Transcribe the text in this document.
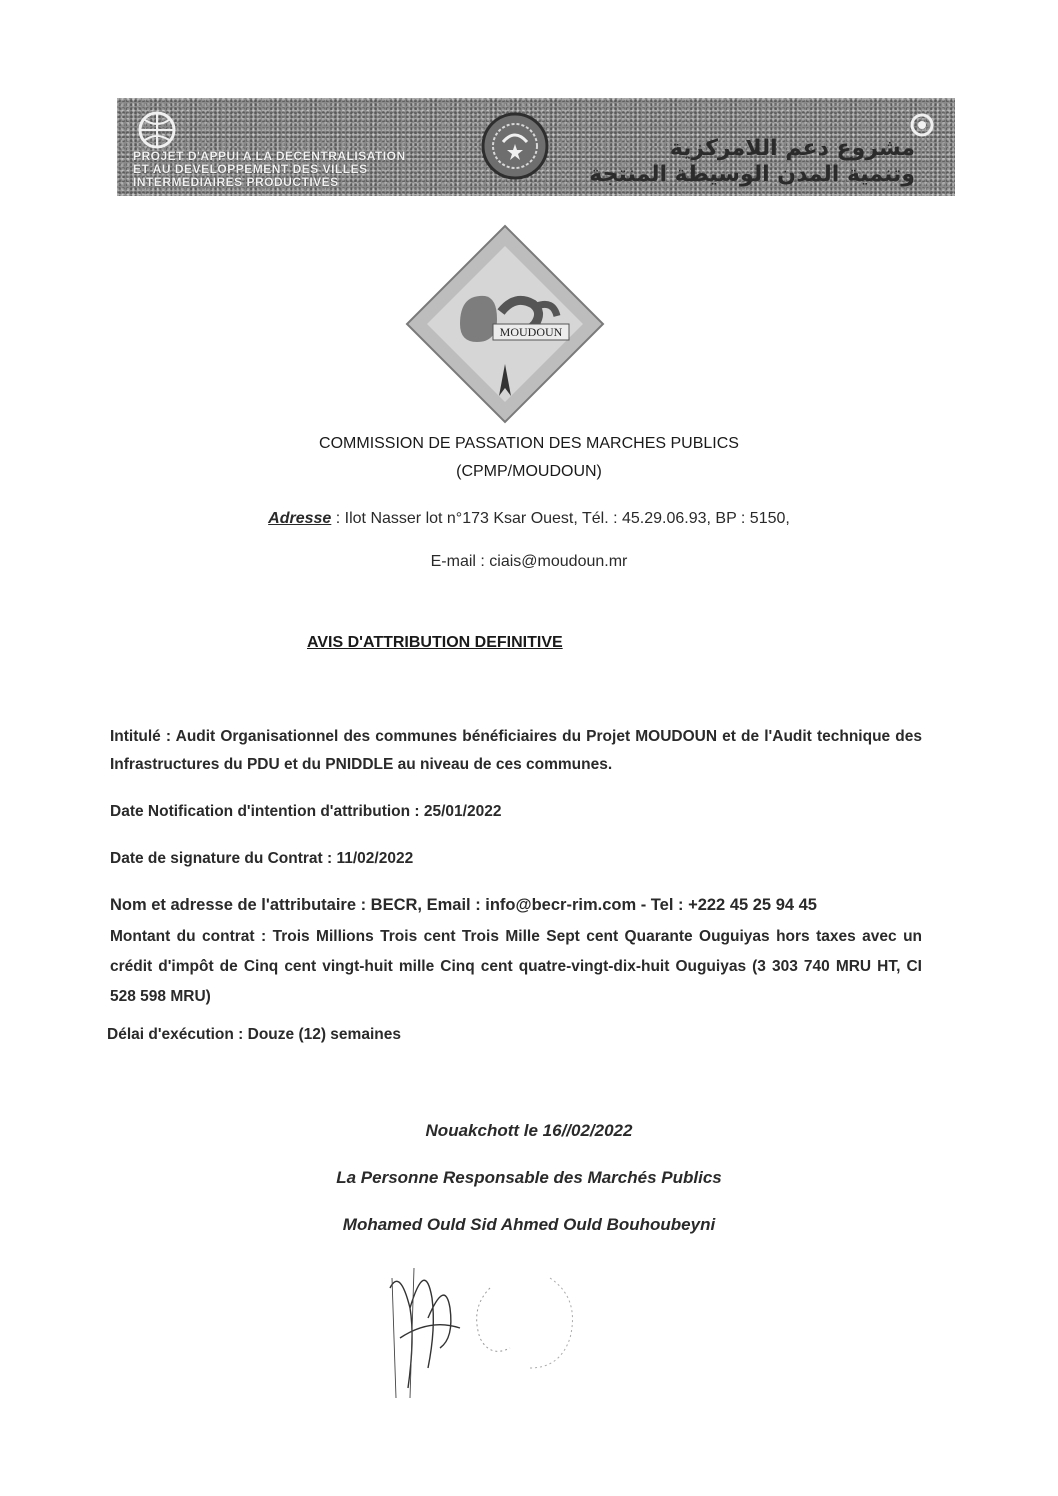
PROJET D'APPUI A LA DECENTRALISATION
ET AU DEVELOPPEMENT DES VILLES
INTERMEDIAIRES PRODUCTIVES
مشروع دعم اللامركزية
وتنمية المدن الوسيطة المنتجة
MOUDOUN
COMMISSION DE PASSATION DES MARCHES PUBLICS
(CPMP/MOUDOUN)
Adresse : Ilot Nasser lot n°173 Ksar Ouest, Tél. : 45.29.06.93, BP : 5150,
E-mail : ciais@moudoun.mr
AVIS D'ATTRIBUTION DEFINITIVE
Intitulé : Audit Organisationnel des communes bénéficiaires du Projet MOUDOUN et de l'Audit technique des Infrastructures du PDU et du PNIDDLE au niveau de ces communes.
Date Notification d'intention d'attribution : 25/01/2022
Date de signature du Contrat : 11/02/2022
Nom et adresse de l'attributaire : BECR, Email : info@becr-rim.com - Tel : +222 45 25 94 45
Montant du contrat : Trois Millions Trois cent Trois Mille Sept cent Quarante Ouguiyas hors taxes avec un crédit d'impôt de Cinq cent vingt-huit mille Cinq cent quatre-vingt-dix-huit Ouguiyas (3 303 740 MRU HT, CI 528 598 MRU)
Délai d'exécution : Douze (12) semaines
Nouakchott le 16//02/2022
La Personne Responsable des Marchés Publics
Mohamed Ould Sid Ahmed Ould Bouhoubeyni
